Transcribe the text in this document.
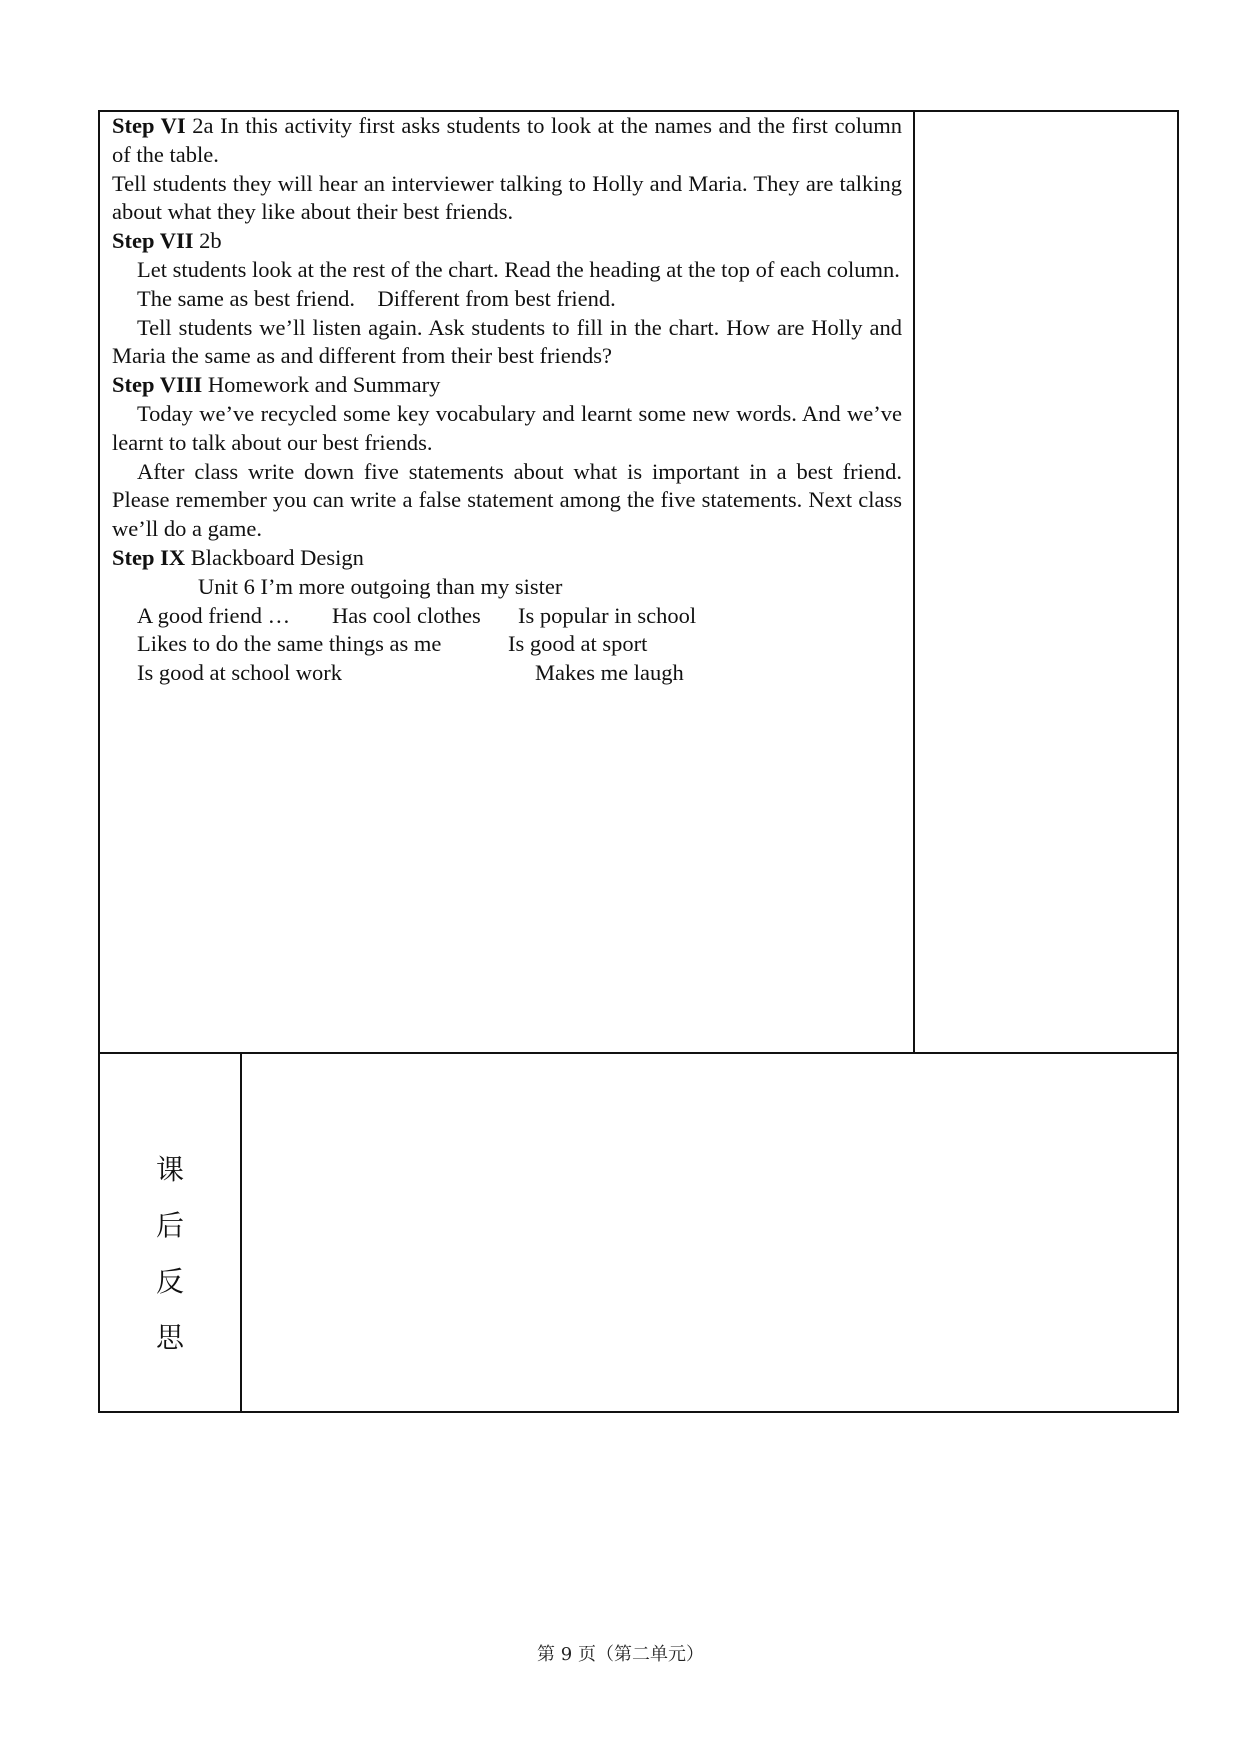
Step VI 2a In this activity first asks students to look at the names and the first column of the table.

Tell students they will hear an interviewer talking to Holly and Maria. They are talking about what they like about their best friends.

Step VII 2b

Let students look at the rest of the chart. Read the heading at the top of each column.

The same as best friend.    Different from best friend.

Tell students we’ll listen again. Ask students to fill in the chart. How are Holly and Maria the same as and different from their best friends?

Step VIII Homework and Summary

Today we’ve recycled some key vocabulary and learnt some new words. And we’ve learnt to talk about our best friends.

After class write down five statements about what is important in a best friend. Please remember you can write a false statement among the five statements. Next class we’ll do a game.

Step IX Blackboard Design

Unit 6 I’m more outgoing than my sister

A good friend … Has cool clothes Is popular in school
Likes to do the same things as me	Is good at sport
Is good at school work	Makes me laugh
课
后
反
思
第 9 页（第二单元）
